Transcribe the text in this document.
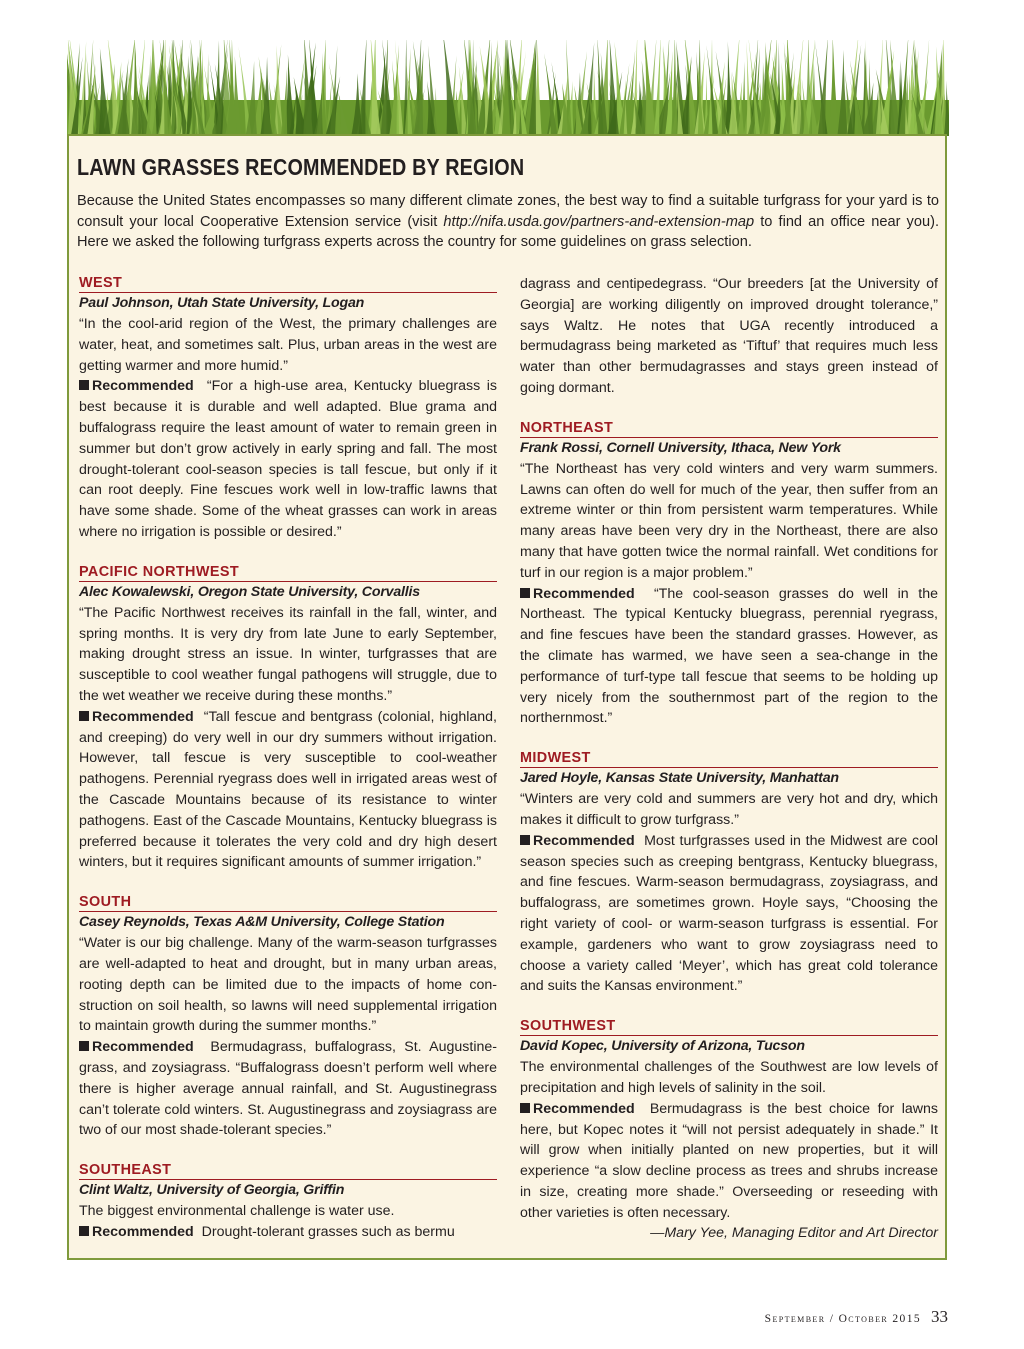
LAWN GRASSES RECOMMENDED BY REGION

Because the United States encompasses so many different climate zones, the best way to find a suitable turfgrass for your yard is to consult your local Cooperative Extension service (visit http://nifa.usda.gov/partners-and-extension-map to find an office near you). Here we asked the following turfgrass experts across the country for some guidelines on grass selection.

WEST
Paul Johnson, Utah State University, Logan

“In the cool-arid region of the West, the primary challenges are water, heat, and sometimes salt. Plus, urban areas in the west are getting warmer and more humid.”

Recommended “For a high-use area, Kentucky bluegrass is best because it is durable and well adapted. Blue grama and buffalograss require the least amount of water to remain green in summer but don’t grow actively in early spring and fall. The most drought-tolerant cool-season species is tall fescue, but only if it can root deeply. Fine fescues work well in low-traffic lawns that have some shade. Some of the wheat grasses can work in areas where no irrigation is possible or desired.”

PACIFIC NORTHWEST
Alec Kowalewski, Oregon State University, Corvallis

“The Pacific Northwest receives its rainfall in the fall, winter, and spring months. It is very dry from late June to early September, making drought stress an issue. In winter, turfgrasses that are susceptible to cool weather fungal pathogens will struggle, due to the wet weather we receive during these months.”

Recommended “Tall fescue and bentgrass (colonial, highland, and creeping) do very well in our dry summers without irrigation. However, tall fescue is very susceptible to cool-weather pathogens. Perennial ryegrass does well in irrigated areas west of the Cascade Mountains because of its resistance to winter pathogens. East of the Cascade Mountains, Kentucky bluegrass is preferred because it tolerates the very cold and dry high desert winters, but it requires significant amounts of summer irrigation.”

SOUTH
Casey Reynolds, Texas A&M University, College Station

“Water is our big challenge. Many of the warm-season turfgrasses are well-adapted to heat and drought, but in many urban areas, rooting depth can be limited due to the impacts of home construction on soil health, so lawns will need supplemental irrigation to maintain growth during the summer months.”

Recommended Bermudagrass, buffalograss, St. Augustinegrass, and zoysiagrass. “Buffalograss doesn’t perform well where there is higher average annual rainfall, and St. Augustinegrass can’t tolerate cold winters. St. Augustinegrass and zoysiagrass are two of our most shade-tolerant species.”

SOUTHEAST
Clint Waltz, University of Georgia, Griffin

The biggest environmental challenge is water use.

Recommended Drought-tolerant grasses such as bermu

dagrass and centipedegrass. “Our breeders [at the University of Georgia] are working diligently on improved drought tolerance,” says Waltz. He notes that UGA recently introduced a bermudagrass being marketed as ‘Tiftuf’ that requires much less water than other bermudagrasses and stays green instead of going dormant.

NORTHEAST
Frank Rossi, Cornell University, Ithaca, New York

“The Northeast has very cold winters and very warm summers. Lawns can often do well for much of the year, then suffer from an extreme winter or thin from persistent warm temperatures. While many areas have been very dry in the Northeast, there are also many that have gotten twice the normal rainfall. Wet conditions for turf in our region is a major problem.”

Recommended “The cool-season grasses do well in the Northeast. The typical Kentucky bluegrass, perennial ryegrass, and fine fescues have been the standard grasses. However, as the climate has warmed, we have seen a sea-change in the performance of turf-type tall fescue that seems to be holding up very nicely from the southernmost part of the region to the northernmost.”

MIDWEST
Jared Hoyle, Kansas State University, Manhattan

“Winters are very cold and summers are very hot and dry, which makes it difficult to grow turfgrass.”

Recommended Most turfgrasses used in the Midwest are cool season species such as creeping bentgrass, Kentucky bluegrass, and fine fescues. Warm-season bermudagrass, zoysiagrass, and buffalograss, are sometimes grown. Hoyle says, “Choosing the right variety of cool- or warm-season turfgrass is essential. For example, gardeners who want to grow zoysiagrass need to choose a variety called ‘Meyer’, which has great cold tolerance and suits the Kansas environment.”

SOUTHWEST
David Kopec, University of Arizona, Tucson

The environmental challenges of the Southwest are low levels of precipitation and high levels of salinity in the soil.

Recommended Bermudagrass is the best choice for lawns here, but Kopec notes it “will not persist adequately in shade.” It will grow when initially planted on new properties, but it will experience “a slow decline process as trees and shrubs increase in size, creating more shade.” Overseeding or reseeding with other varieties is often necessary.

—Mary Yee, Managing Editor and Art Director

September / October 2015 33
